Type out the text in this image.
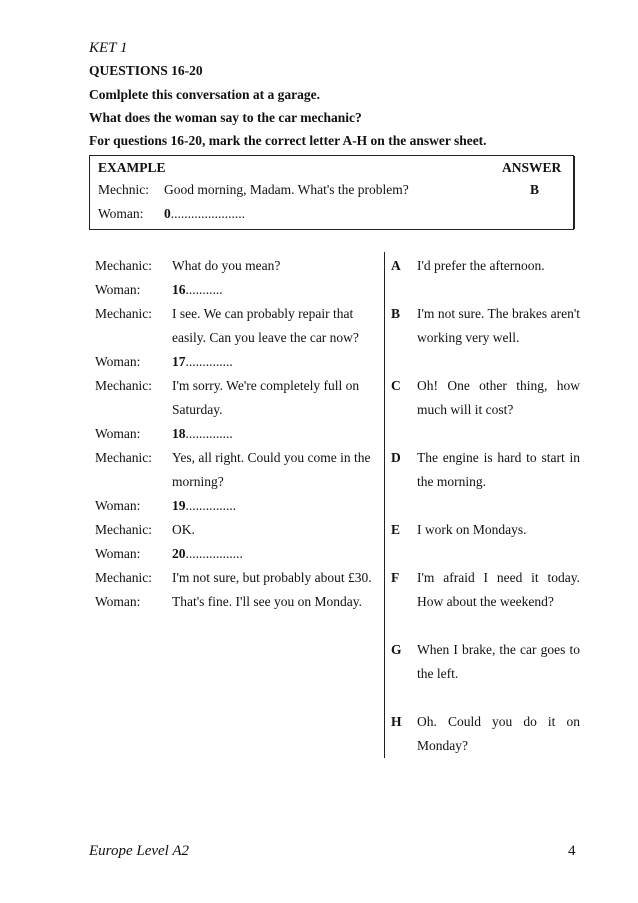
KET 1
QUESTIONS 16-20
Comlplete this conversation at a garage.
What does the woman say to the car mechanic?
For questions 16-20, mark the correct letter A-H on the answer sheet.
EXAMPLE	ANSWER
Mechnic: Good morning, Madam. What's the problem?	B
Woman: 0......................
Mechanic: What do you mean?
Woman: 16...........
Mechanic: I see. We can probably repair that
easily. Can you leave the car now?
Woman: 17..............
Mechanic: I'm sorry. We're completely full on
Saturday.
Woman: 18..............
Mechanic: Yes, all right. Could you come in the
morning?
Woman: 19...............
Mechanic: OK.
Woman: 20.................
Mechanic: I'm not sure, but probably about £30.
Woman: That's fine. I'll see you on Monday.
A I'd prefer the afternoon.
B I'm not sure. The brakes aren't working very well.
C Oh! One other thing, how much will it cost?
D The engine is hard to start in the morning.
E I work on Mondays.
F I'm afraid I need it today. How about the weekend?
G When I brake, the car goes to the left.
H Oh. Could you do it on Monday?
Europe Level A2	4
